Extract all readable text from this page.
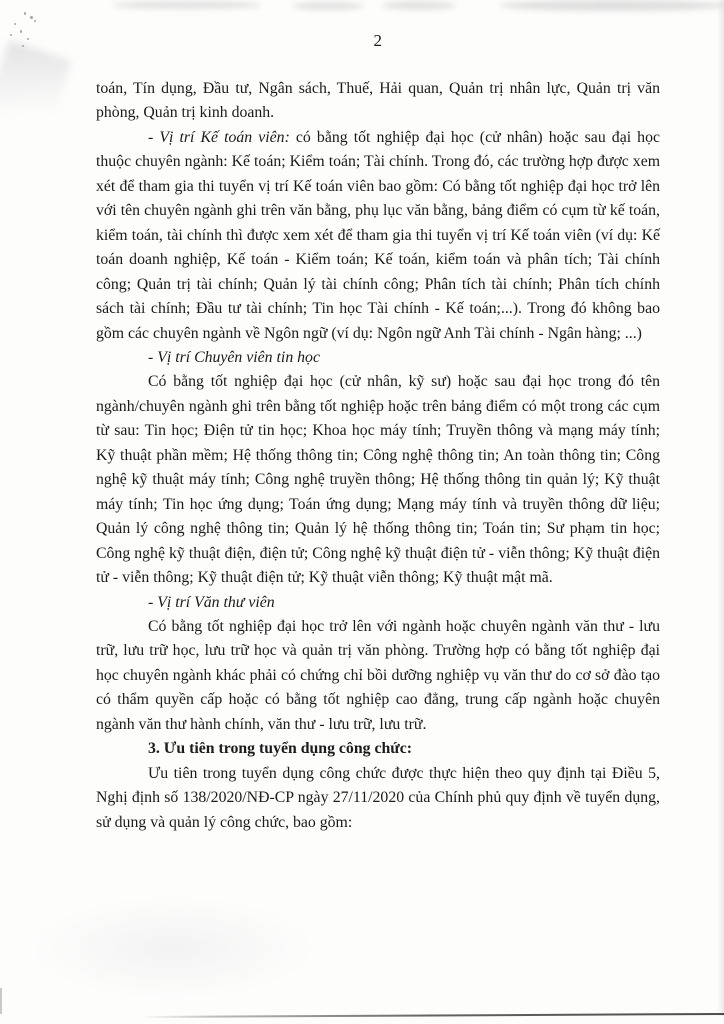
2

toán, Tín dụng, Đầu tư, Ngân sách, Thuế, Hải quan, Quản trị nhân lực, Quản trị văn phòng, Quản trị kinh doanh.

- Vị trí Kế toán viên: có bằng tốt nghiệp đại học (cử nhân) hoặc sau đại học thuộc chuyên ngành: Kế toán; Kiểm toán; Tài chính. Trong đó, các trường hợp được xem xét để tham gia thi tuyển vị trí Kế toán viên bao gồm: Có bằng tốt nghiệp đại học trở lên với tên chuyên ngành ghi trên văn bằng, phụ lục văn bằng, bảng điểm có cụm từ kế toán, kiểm toán, tài chính thì được xem xét để tham gia thi tuyển vị trí Kế toán viên (ví dụ: Kế toán doanh nghiệp, Kế toán - Kiểm toán; Kế toán, kiểm toán và phân tích; Tài chính công; Quản trị tài chính; Quản lý tài chính công; Phân tích tài chính; Phân tích chính sách tài chính; Đầu tư tài chính; Tin học Tài chính - Kế toán;...). Trong đó không bao gồm các chuyên ngành về Ngôn ngữ (ví dụ: Ngôn ngữ Anh Tài chính - Ngân hàng; ...)

- Vị trí Chuyên viên tin học

Có bằng tốt nghiệp đại học (cử nhân, kỹ sư) hoặc sau đại học trong đó tên ngành/chuyên ngành ghi trên bằng tốt nghiệp hoặc trên bảng điểm có một trong các cụm từ sau: Tin học; Điện tử tin học; Khoa học máy tính; Truyền thông và mạng máy tính; Kỹ thuật phần mềm; Hệ thống thông tin; Công nghệ thông tin; An toàn thông tin; Công nghệ kỹ thuật máy tính; Công nghệ truyền thông; Hệ thống thông tin quản lý; Kỹ thuật máy tính; Tin học ứng dụng; Toán ứng dụng; Mạng máy tính và truyền thông dữ liệu; Quản lý công nghệ thông tin; Quản lý hệ thống thông tin; Toán tin; Sư phạm tin học; Công nghệ kỹ thuật điện, điện tử; Công nghệ kỹ thuật điện tử - viễn thông; Kỹ thuật điện tử - viễn thông; Kỹ thuật điện tử; Kỹ thuật viễn thông; Kỹ thuật mật mã.

- Vị trí Văn thư viên

Có bằng tốt nghiệp đại học trở lên với ngành hoặc chuyên ngành văn thư - lưu trữ, lưu trữ học, lưu trữ học và quản trị văn phòng. Trường hợp có bằng tốt nghiệp đại học chuyên ngành khác phải có chứng chỉ bồi dưỡng nghiệp vụ văn thư do cơ sở đào tạo có thẩm quyền cấp hoặc có bằng tốt nghiệp cao đẳng, trung cấp ngành hoặc chuyên ngành văn thư hành chính, văn thư - lưu trữ, lưu trữ.

3. Ưu tiên trong tuyển dụng công chức:

Ưu tiên trong tuyển dụng công chức được thực hiện theo quy định tại Điều 5, Nghị định số 138/2020/NĐ-CP ngày 27/11/2020 của Chính phủ quy định về tuyển dụng, sử dụng và quản lý công chức, bao gồm:
